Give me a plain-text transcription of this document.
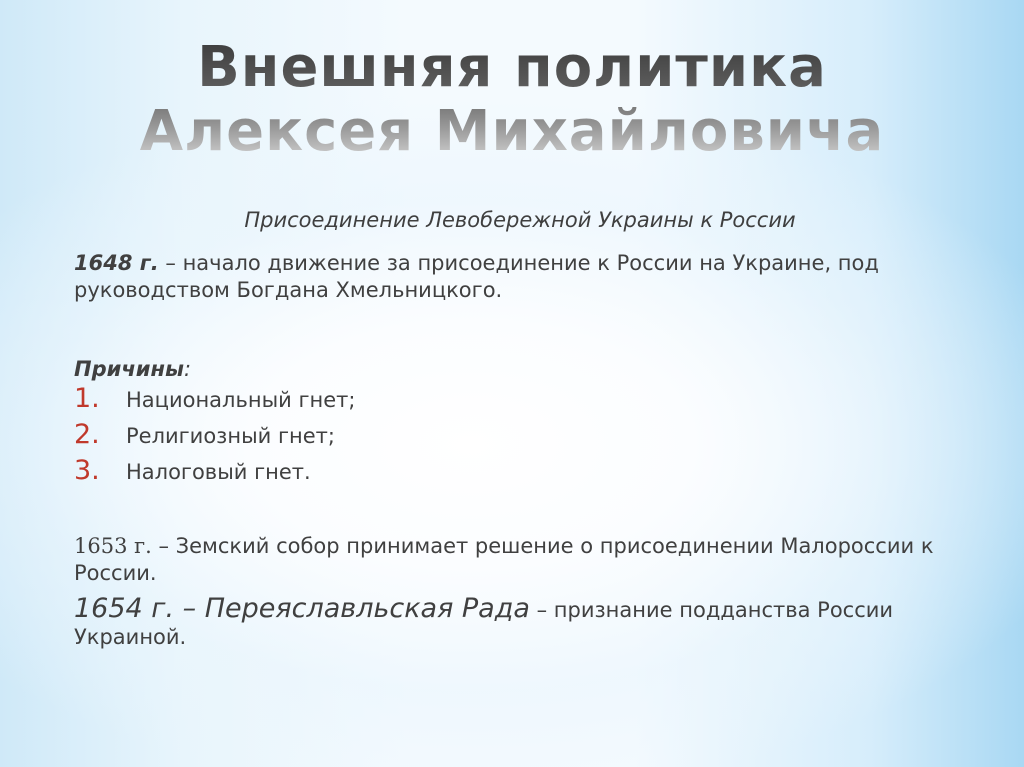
Внешняя политика
Алексея Михайловича

Присоединение Левобережной Украины к России

1648 г. – начало движение за присоединение к России на Украине, под руководством Богдана Хмельницкого.

Причины:

1.	Национальный гнет;
2.	Религиозный гнет;
3.	Налоговый гнет.

1653 г. – Земский собор принимает решение о присоединении Малороссии к России.

1654 г. – Переяславльская Рада – признание подданства России Украиной.
